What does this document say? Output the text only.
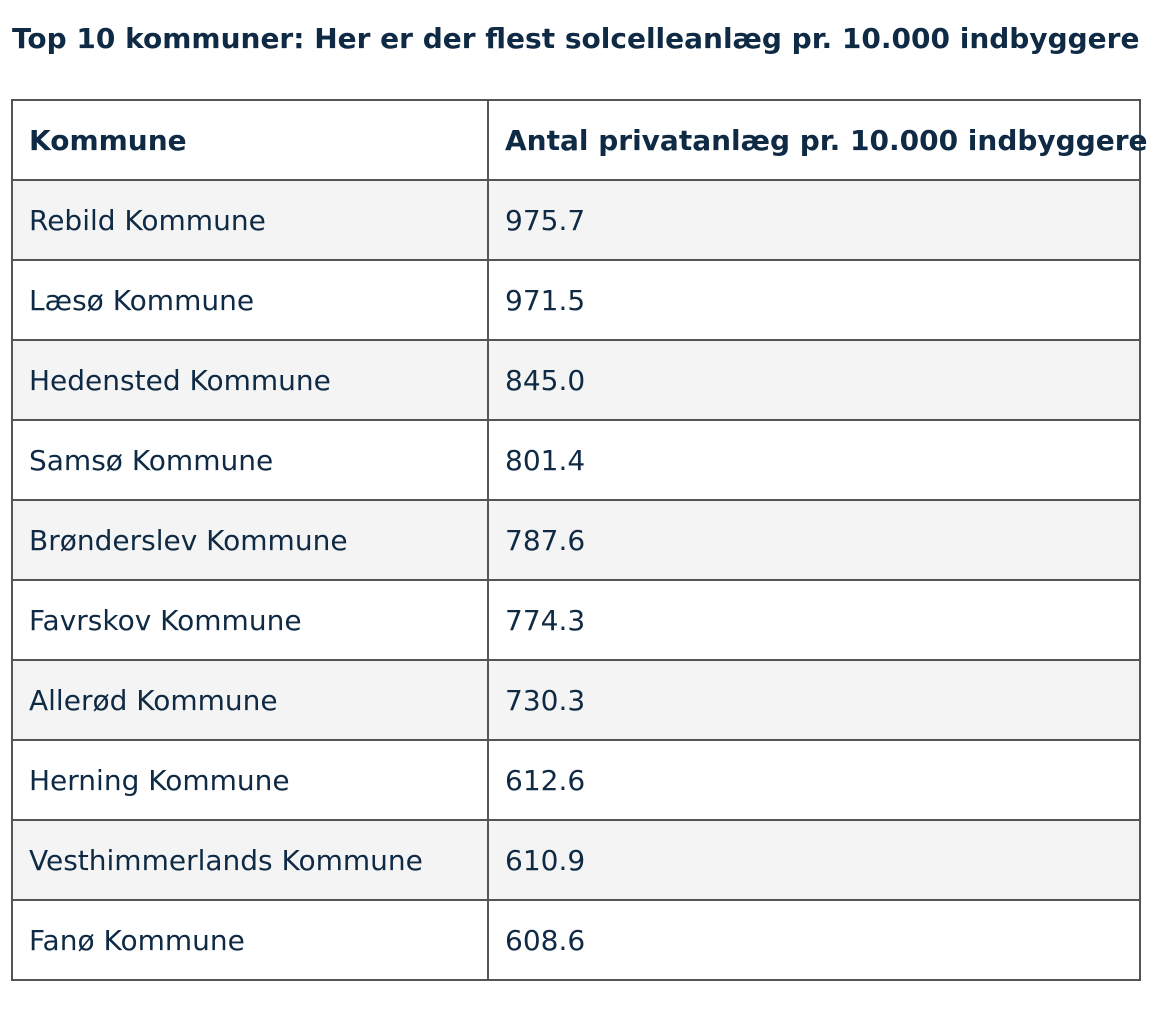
Top 10 kommuner: Her er der flest solcelleanlæg pr. 10.000 indbyggere
Kommune	Antal privatanlæg pr. 10.000 indbyggere
Rebild Kommune	975.7
Læsø Kommune	971.5
Hedensted Kommune	845.0
Samsø Kommune	801.4
Brønderslev Kommune	787.6
Favrskov Kommune	774.3
Allerød Kommune	730.3
Herning Kommune	612.6
Vesthimmerlands Kommune	610.9
Fanø Kommune	608.6
